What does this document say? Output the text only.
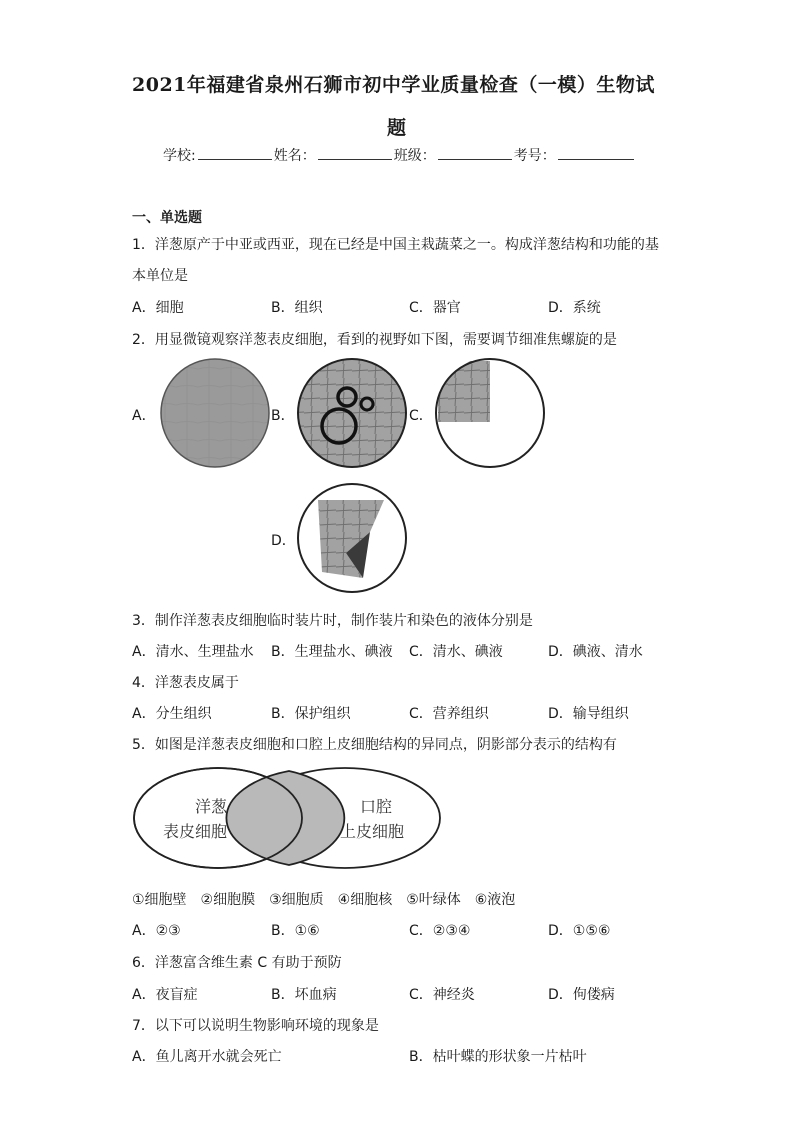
2021年福建省泉州石狮市初中学业质量检查（一模）生物试
题
学校:	姓名：	班级：	考号：
一、单选题
1．洋葱原产于中亚或西亚，现在已经是中国主栽蔬菜之一。构成洋葱结构和功能的基
本单位是
A．细胞	B．组织	C．器官	D．系统
2．用显微镜观察洋葱表皮细胞，看到的视野如下图，需要调节细准焦螺旋的是
A．	B．	C．
D．
洋葱
表皮细胞
口腔
上皮细胞
3．制作洋葱表皮细胞临时装片时，制作装片和染色的液体分别是
A．清水、生理盐水 B．生理盐水、碘液 C．清水、碘液	D．碘液、清水
4．洋葱表皮属于
A．分生组织	B．保护组织	C．营养组织	D．输导组织
5．如图是洋葱表皮细胞和口腔上皮细胞结构的异同点，阴影部分表示的结构有
①细胞壁　②细胞膜　③细胞质　④细胞核　⑤叶绿体　⑥液泡
A．②③	B．①⑥	C．②③④	D．①⑤⑥
6．洋葱富含维生素 C 有助于预防
A．夜盲症	B．坏血病	C．神经炎	D．佝偻病
7．以下可以说明生物影响环境的现象是
A．鱼儿离开水就会死亡	B．枯叶蝶的形状象一片枯叶
